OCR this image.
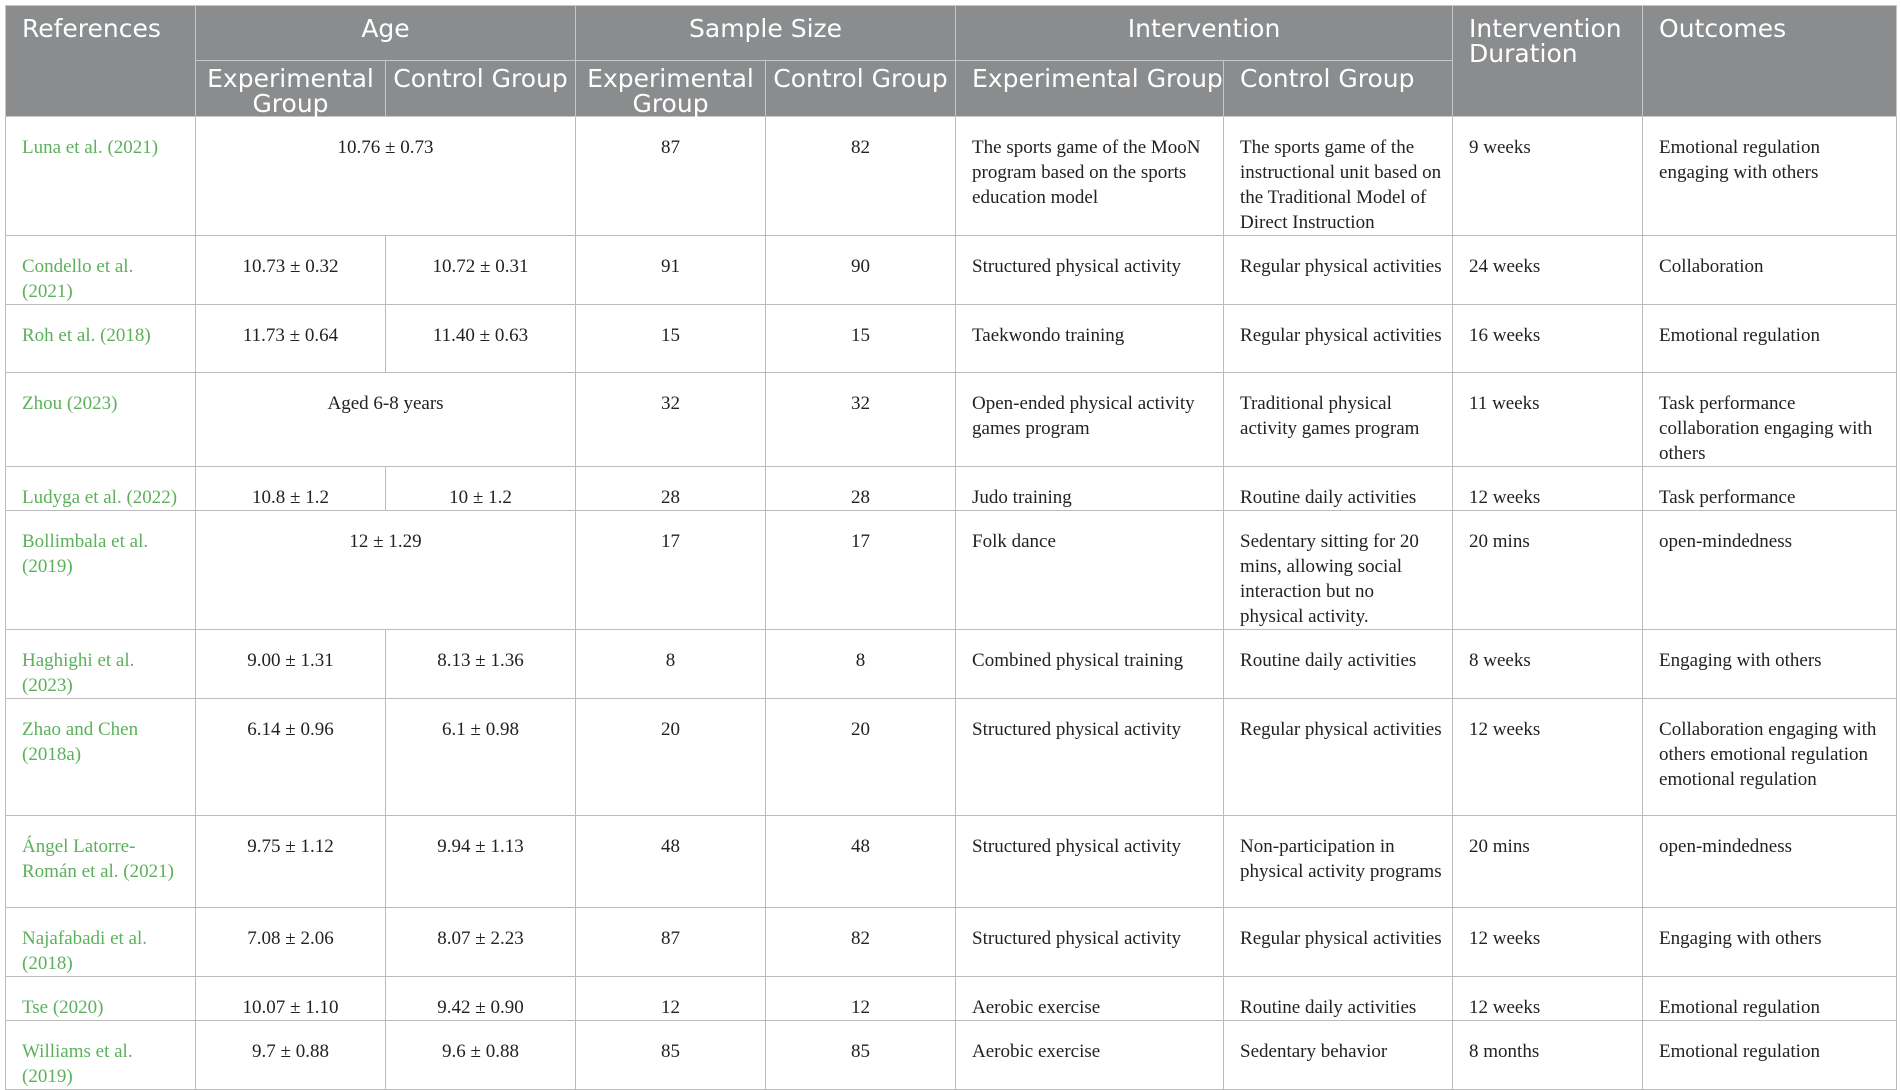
References	Age		Sample Size		Intervention		Intervention Duration	Outcomes
	Experimental Group	Control Group	Experimental Group	Control Group	Experimental Group	Control Group		
Luna et al. (2021)	10.76 ± 0.73		87	82	The sports game of the MooN program based on the sports education model	The sports game of the instructional unit based on the Traditional Model of Direct Instruction	9 weeks	Emotional regulation engaging with others
Condello et al. (2021)	10.73 ± 0.32	10.72 ± 0.31	91	90	Structured physical activity	Regular physical activities	24 weeks	Collaboration
Roh et al. (2018)	11.73 ± 0.64	11.40 ± 0.63	15	15	Taekwondo training	Regular physical activities	16 weeks	Emotional regulation
Zhou (2023)	Aged 6-8 years		32	32	Open-ended physical activity games program	Traditional physical activity games program	11 weeks	Task performance collaboration engaging with others
Ludyga et al. (2022)	10.8 ± 1.2	10 ± 1.2	28	28	Judo training	Routine daily activities	12 weeks	Task performance
Bollimbala et al. (2019)	12 ± 1.29		17	17	Folk dance	Sedentary sitting for 20 mins, allowing social interaction but no physical activity.	20 mins	open-mindedness
Haghighi et al. (2023)	9.00 ± 1.31	8.13 ± 1.36	8	8	Combined physical training	Routine daily activities	8 weeks	Engaging with others
Zhao and Chen (2018a)	6.14 ± 0.96	6.1 ± 0.98	20	20	Structured physical activity	Regular physical activities	12 weeks	Collaboration engaging with others emotional regulation emotional regulation
Ángel Latorre-Román et al. (2021)	9.75 ± 1.12	9.94 ± 1.13	48	48	Structured physical activity	Non-participation in physical activity programs	20 mins	open-mindedness
Najafabadi et al. (2018)	7.08 ± 2.06	8.07 ± 2.23	87	82	Structured physical activity	Regular physical activities	12 weeks	Engaging with others
Tse (2020)	10.07 ± 1.10	9.42 ± 0.90	12	12	Aerobic exercise	Routine daily activities	12 weeks	Emotional regulation
Williams et al. (2019)	9.7 ± 0.88	9.6 ± 0.88	85	85	Aerobic exercise	Sedentary behavior	8 months	Emotional regulation
